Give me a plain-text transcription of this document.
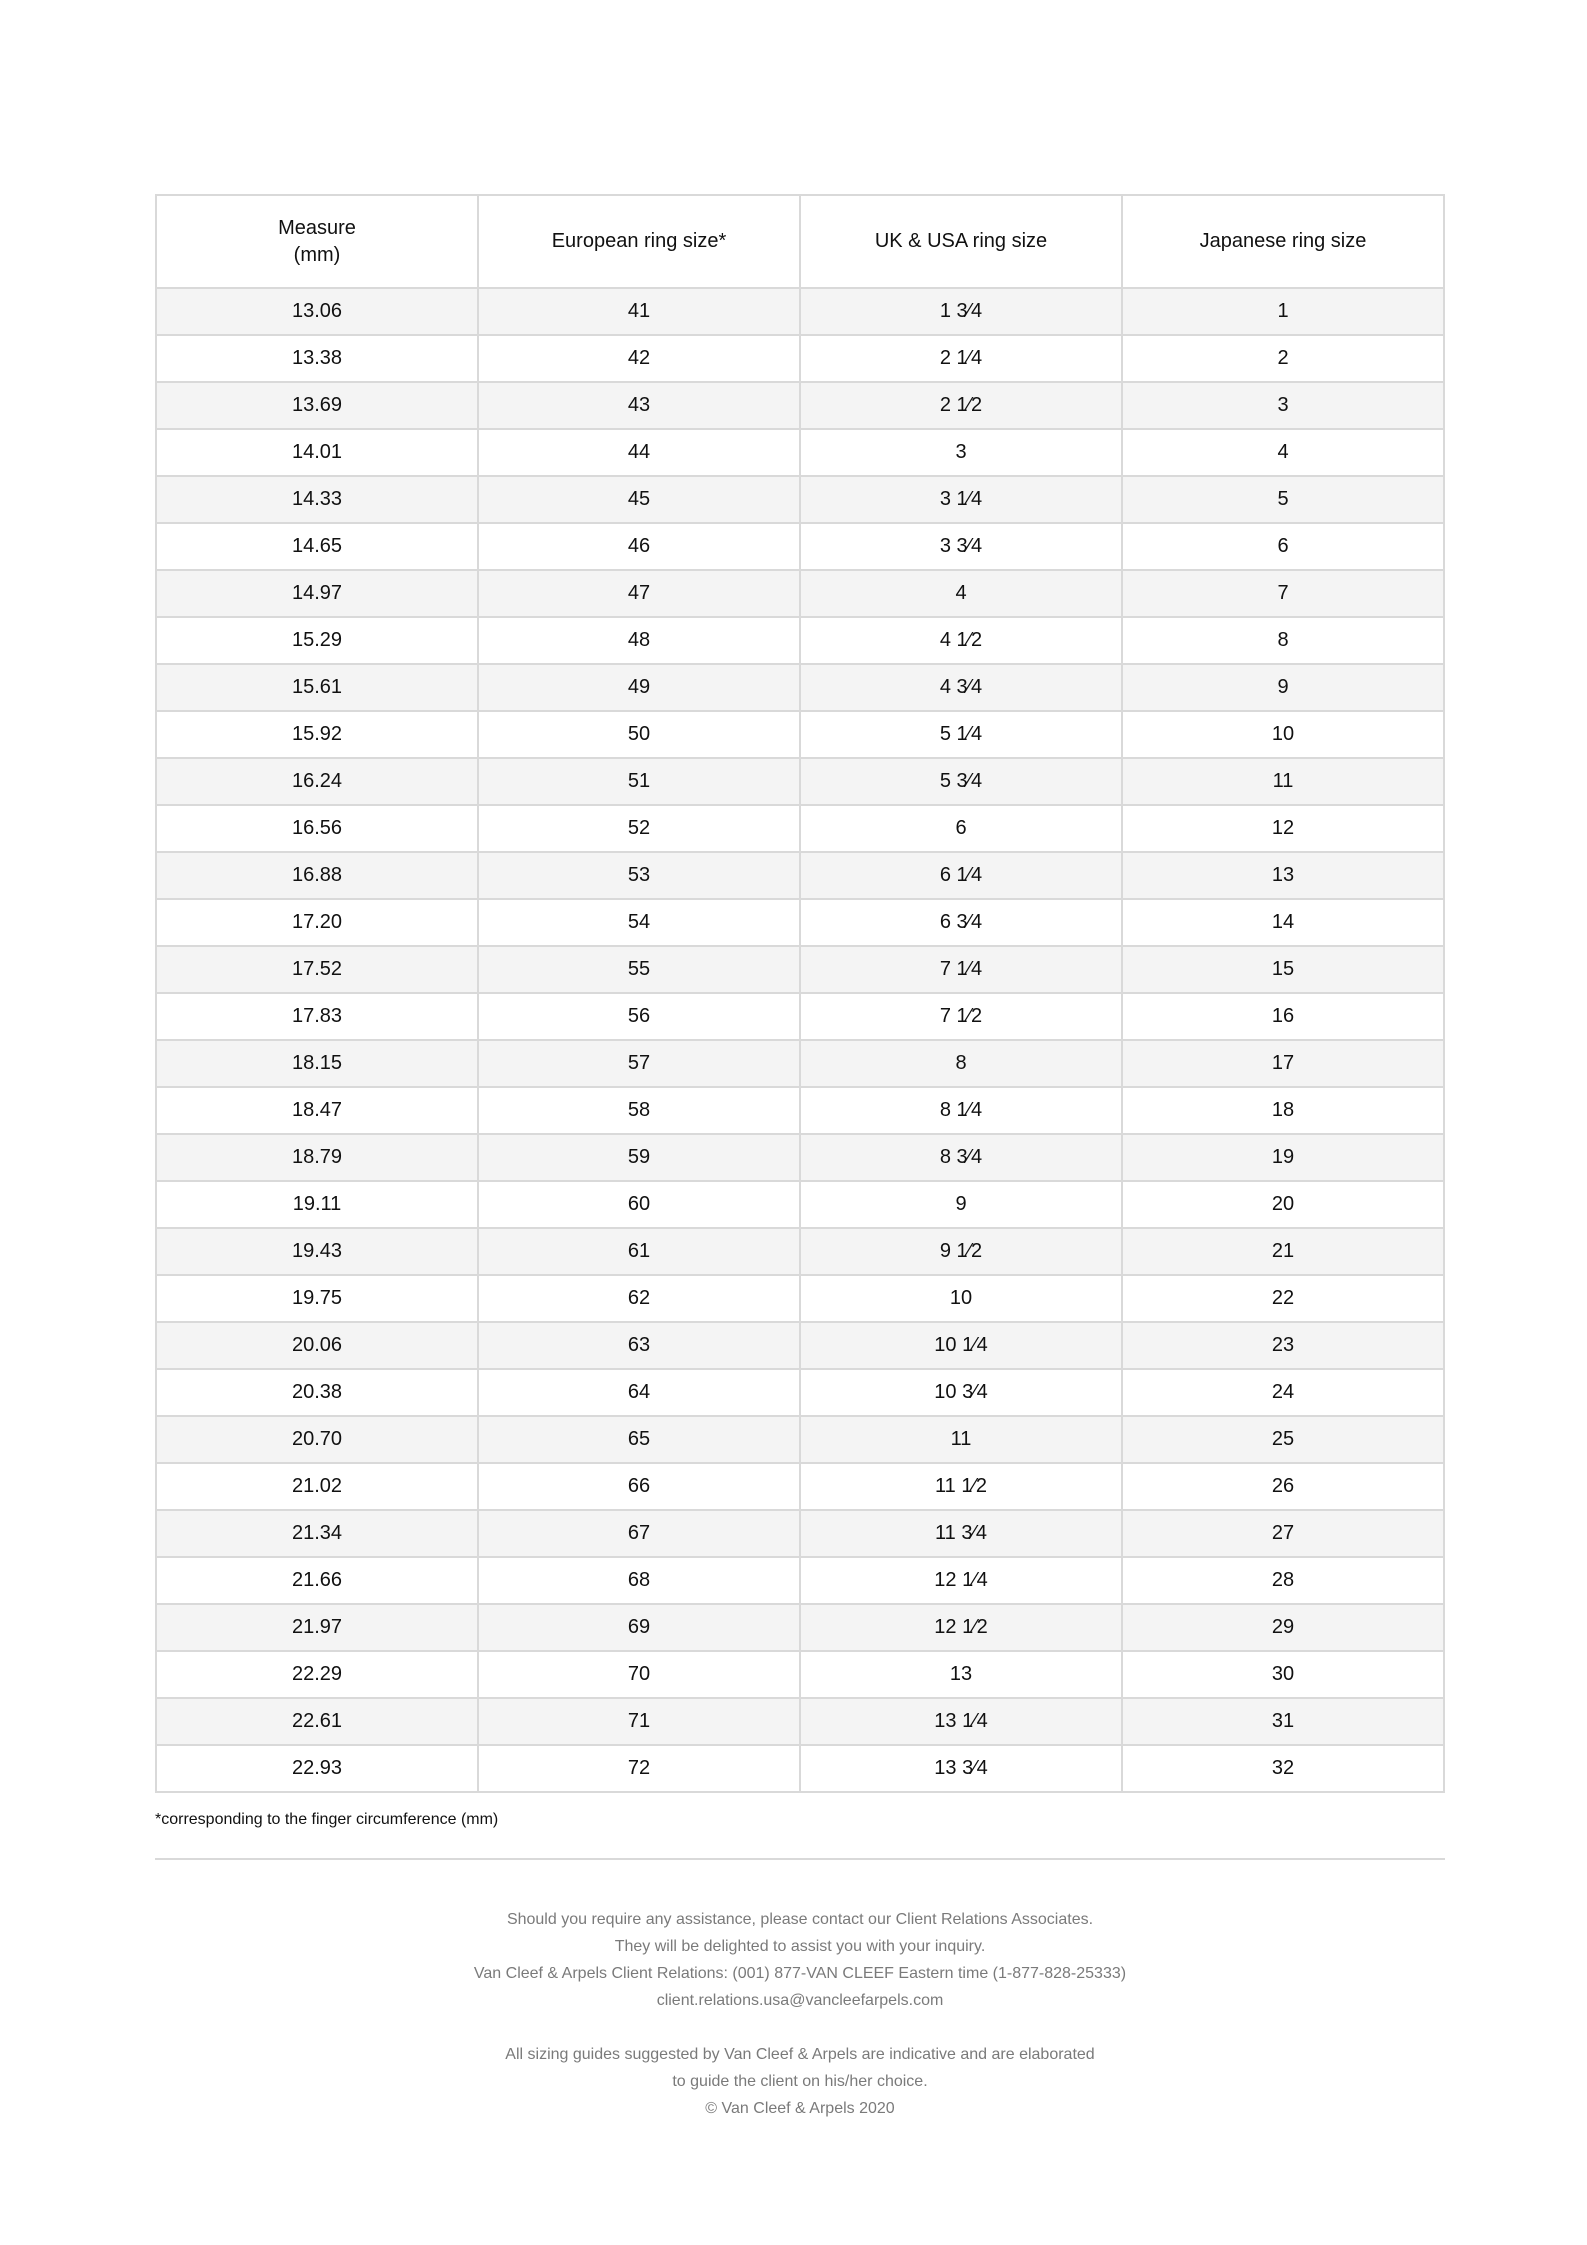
Measure
(mm)	European ring size*	UK & USA ring size	Japanese ring size

13.06	41	1 3⁄4	1
13.38	42	2 1⁄4	2
13.69	43	2 1⁄2	3
14.01	44	3	4
14.33	45	3 1⁄4	5
14.65	46	3 3⁄4	6
14.97	47	4	7
15.29	48	4 1⁄2	8
15.61	49	4 3⁄4	9
15.92	50	5 1⁄4	10
16.24	51	5 3⁄4	11
16.56	52	6	12
16.88	53	6 1⁄4	13
17.20	54	6 3⁄4	14
17.52	55	7 1⁄4	15
17.83	56	7 1⁄2	16
18.15	57	8	17
18.47	58	8 1⁄4	18
18.79	59	8 3⁄4	19
19.11	60	9	20
19.43	61	9 1⁄2	21
19.75	62	10	22
20.06	63	10 1⁄4	23
20.38	64	10 3⁄4	24
20.70	65	11	25
21.02	66	11 1⁄2	26
21.34	67	11 3⁄4	27
21.66	68	12 1⁄4	28
21.97	69	12 1⁄2	29
22.29	70	13	30
22.61	71	13 1⁄4	31
22.93	72	13 3⁄4	32
*corresponding to the finger circumference (mm)
Should you require any assistance, please contact our Client Relations Associates.
They will be delighted to assist you with your inquiry.
Van Cleef & Arpels Client Relations: (001) 877-VAN CLEEF Eastern time (1-877-828-25333)
client.relations.usa@vancleefarpels.com
All sizing guides suggested by Van Cleef & Arpels are indicative and are elaborated
to guide the client on his/her choice.
© Van Cleef & Arpels 2020
